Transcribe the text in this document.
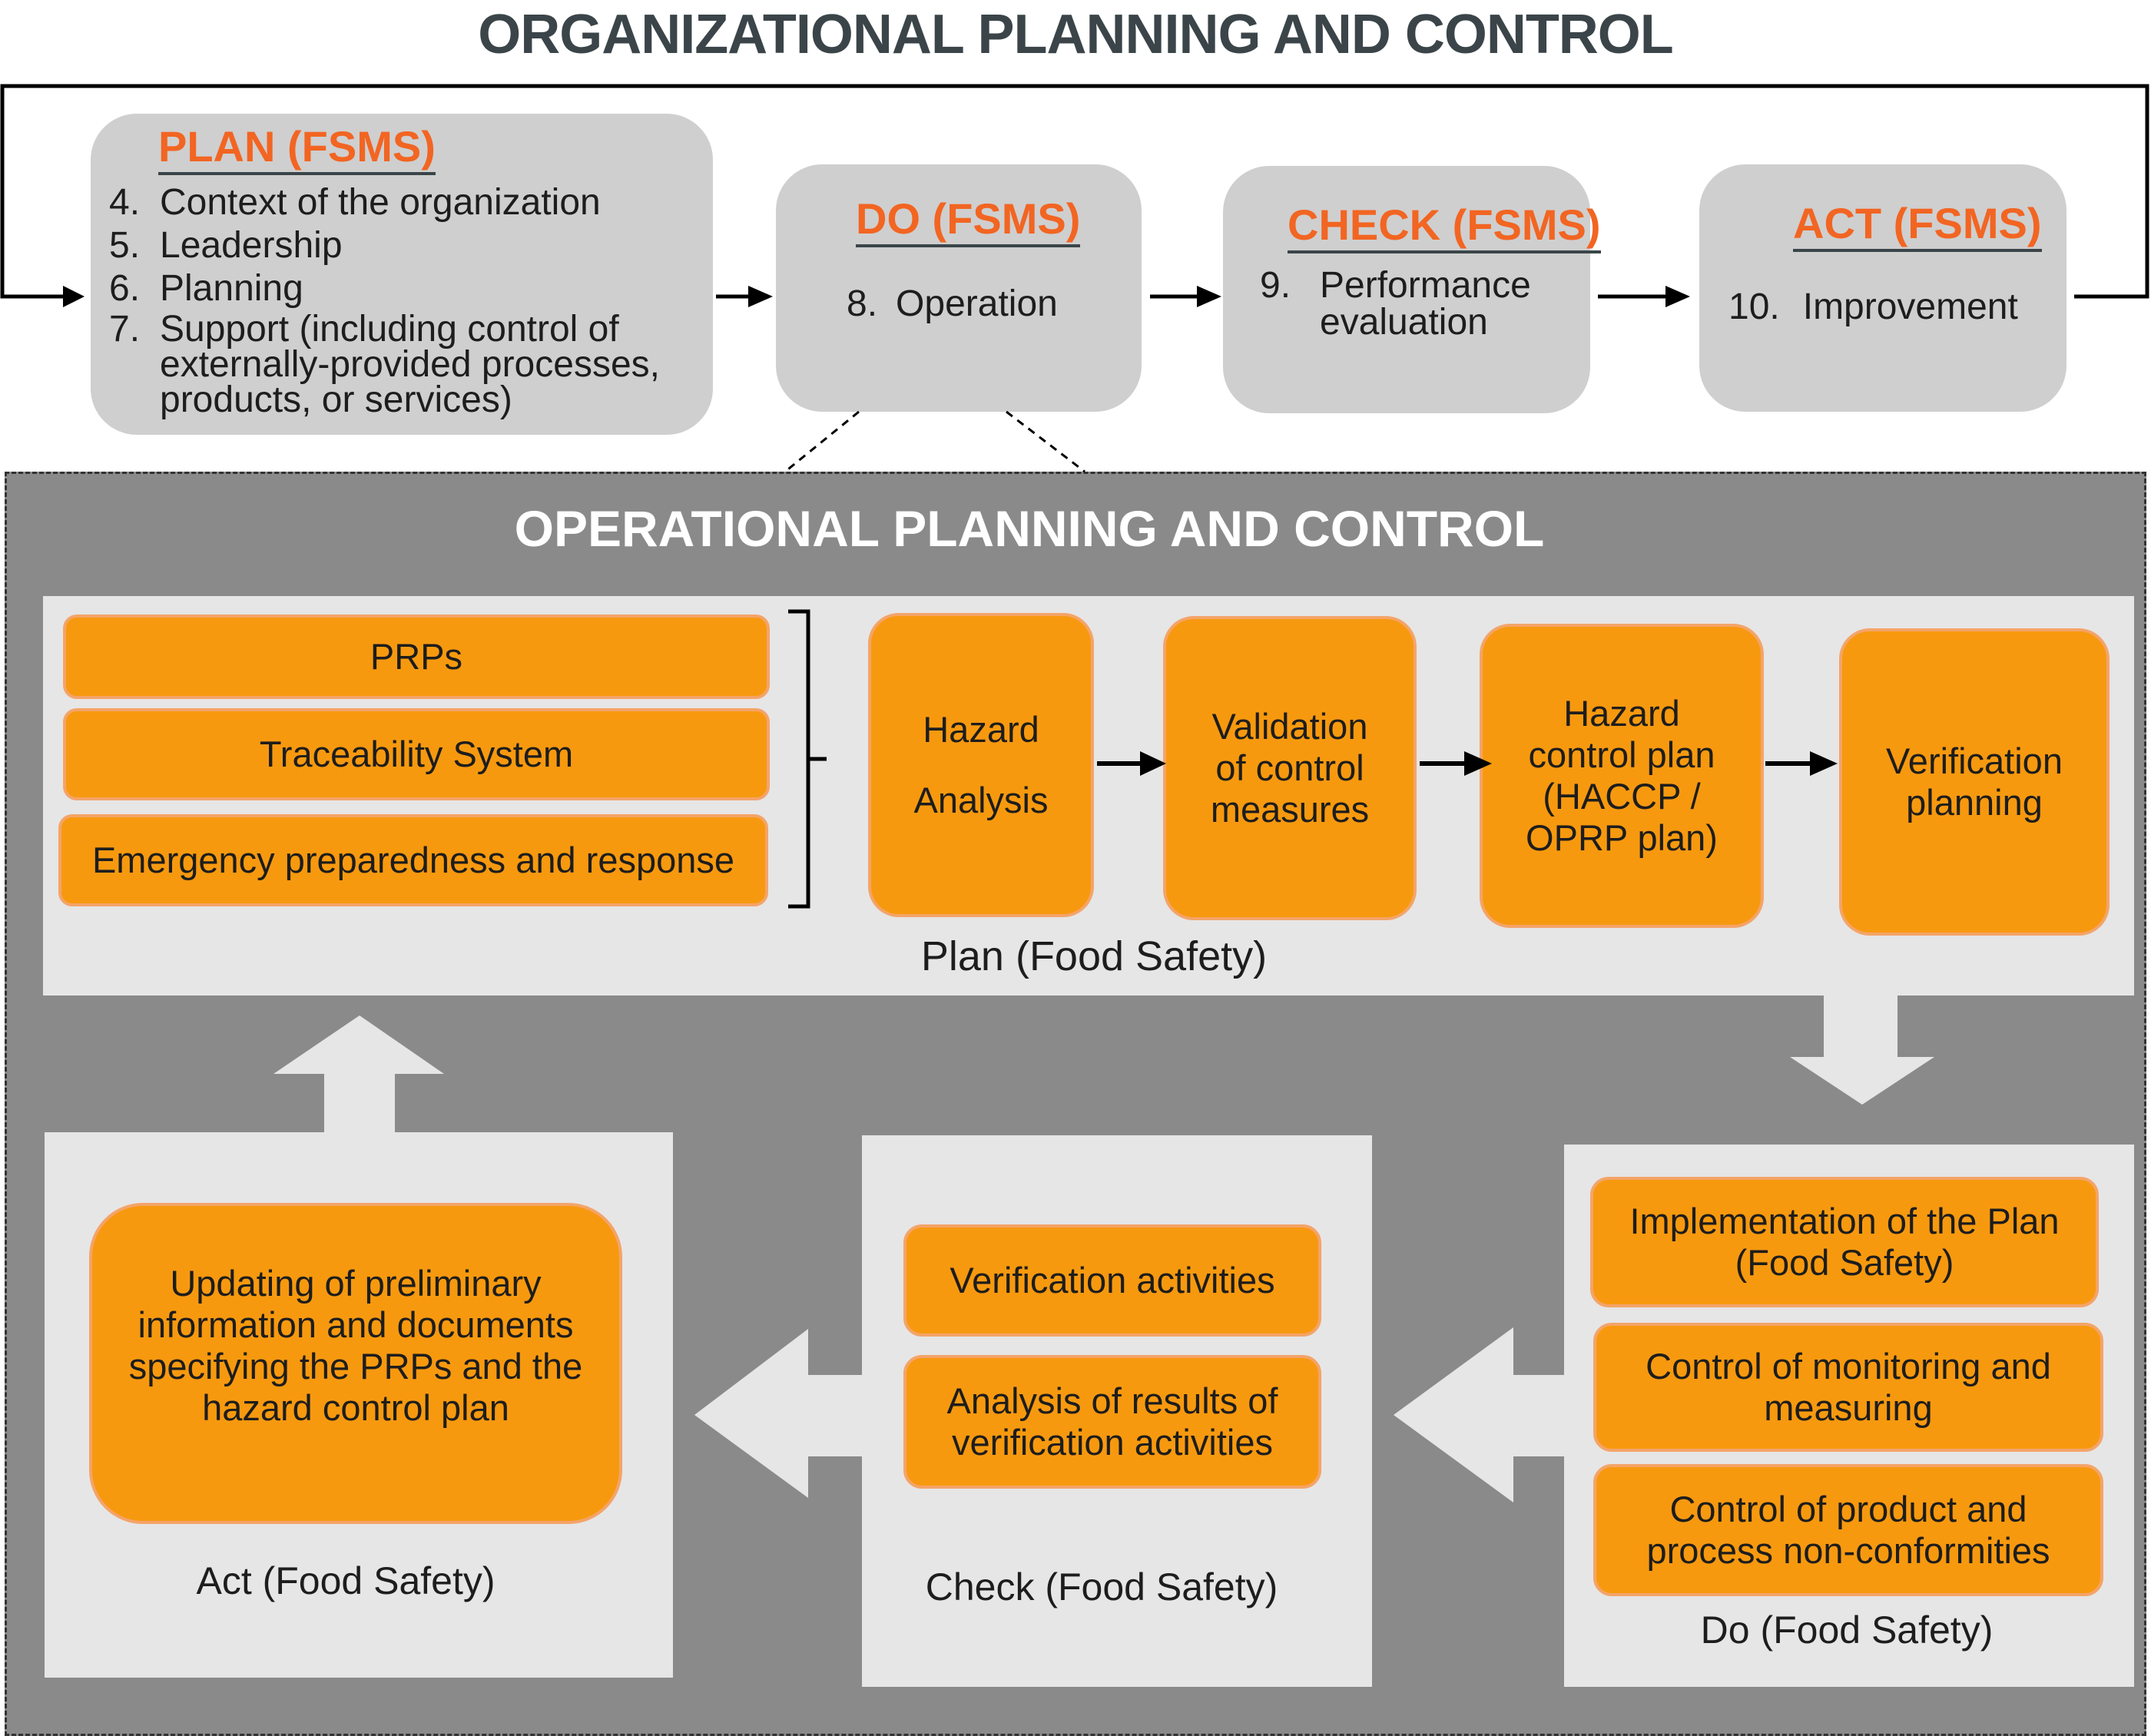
ORGANIZATIONAL PLANNING AND CONTROL
PLAN (FSMS)
4. Context of the organization
5. Leadership
6. Planning
7. Support (including control of externally-provided processes, products, or services)
DO (FSMS)
8. Operation
CHECK (FSMS)
9. Performance evaluation
ACT (FSMS)
10. Improvement
OPERATIONAL PLANNING AND CONTROL
PRPs
Traceability System
Emergency preparedness and response
Hazard Analysis
Validation of control measures
Hazard control plan (HACCP / OPRP plan)
Verification planning
Plan (Food Safety)
Updating of preliminary information and documents specifying the PRPs and the hazard control plan
Act (Food Safety)
Verification activities
Analysis of results of verification activities
Check (Food Safety)
Implementation of the Plan (Food Safety)
Control of monitoring and measuring
Control of product and process non-conformities
Do (Food Safety)
